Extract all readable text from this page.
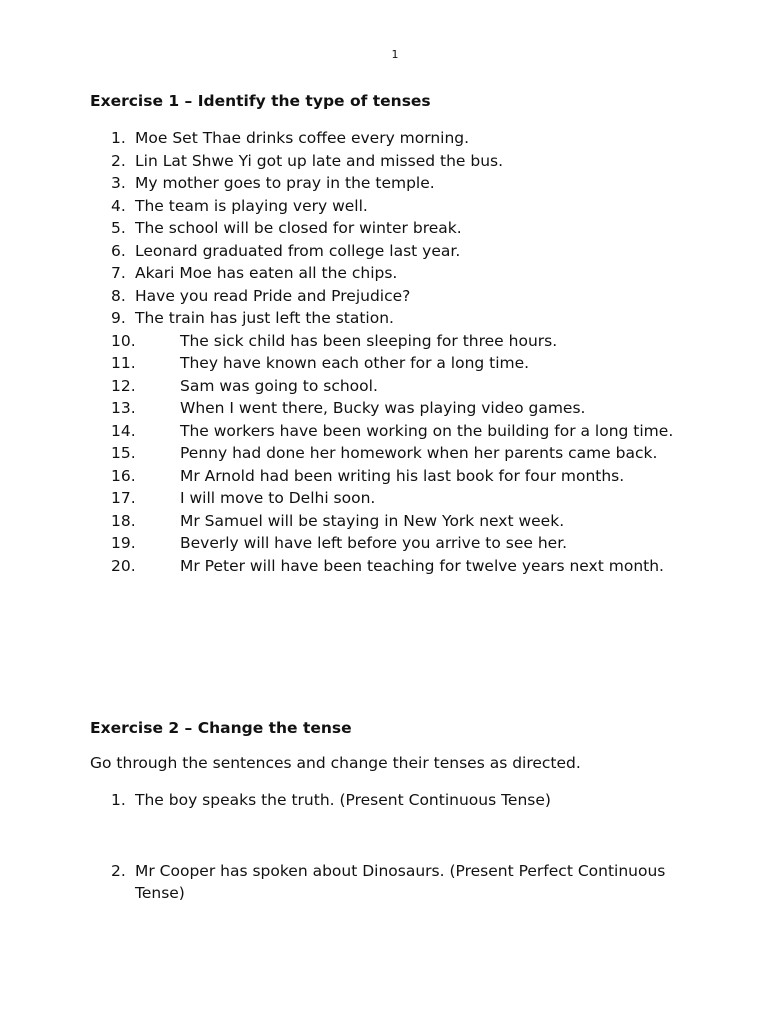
1
Exercise 1 – Identify the type of tenses
1. Moe Set Thae drinks coffee every morning.
2. Lin Lat Shwe Yi got up late and missed the bus.
3. My mother goes to pray in the temple.
4. The team is playing very well.
5. The school will be closed for winter break.
6. Leonard graduated from college last year.
7. Akari Moe has eaten all the chips.
8. Have you read Pride and Prejudice?
9. The train has just left the station.
10.	The sick child has been sleeping for three hours.
11.	They have known each other for a long time.
12.	Sam was going to school.
13.	When I went there, Bucky was playing video games.
14.	The workers have been working on the building for a long time.
15.	Penny had done her homework when her parents came back.
16.	Mr Arnold had been writing his last book for four months.
17.	I will move to Delhi soon.
18.	Mr Samuel will be staying in New York next week.
19.	Beverly will have left before you arrive to see her.
20.	Mr Peter will have been teaching for twelve years next month.
Exercise 2 – Change the tense
Go through the sentences and change their tenses as directed.
1. The boy speaks the truth. (Present Continuous Tense)
2. Mr Cooper has spoken about Dinosaurs. (Present Perfect Continuous Tense)
